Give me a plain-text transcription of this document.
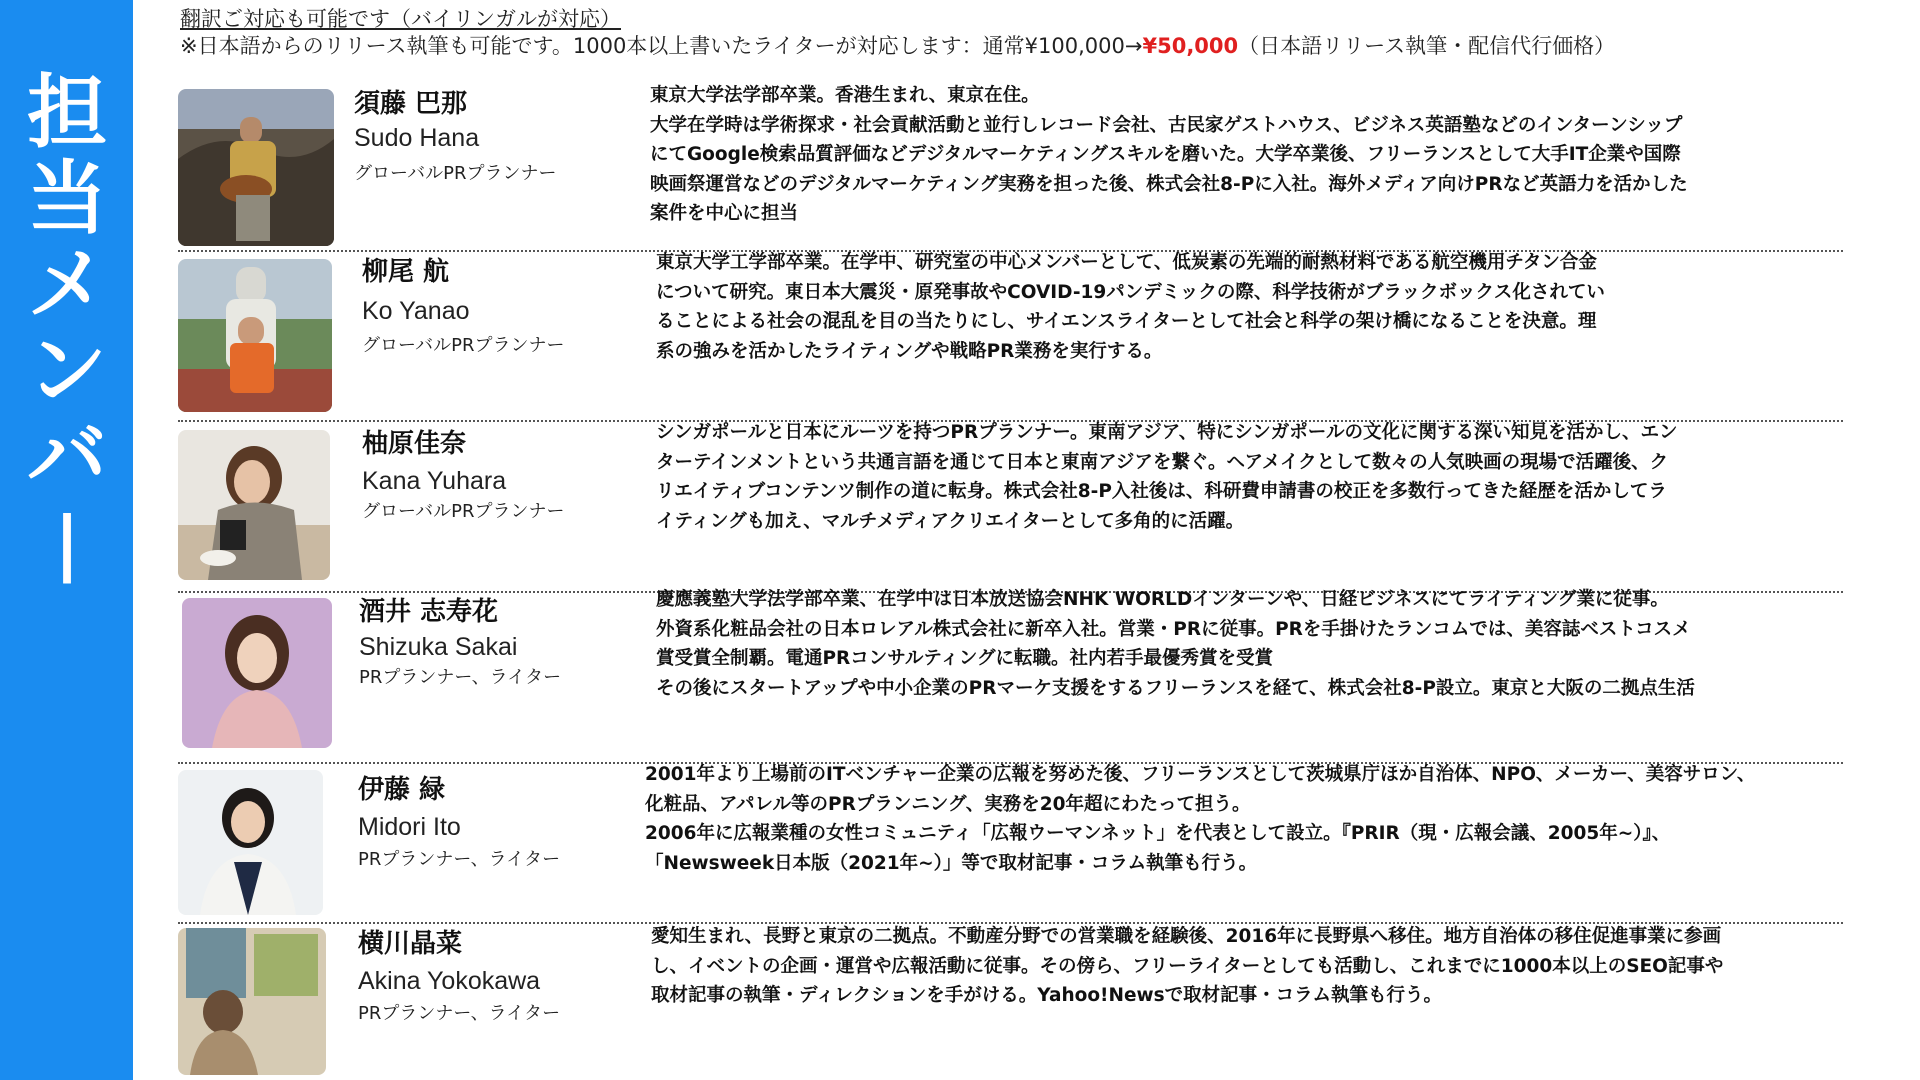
担
当
メ
ン
バ
|
翻訳ご対応も可能です（バイリンガルが対応）
※日本語からのリリース執筆も可能です。1000本以上書いたライターが対応します：通常¥100,000→¥50,000（日本語リリース執筆・配信代行価格）
須藤 巴那
Sudo Hana
グローバルPRプランナー

東京大学法学部卒業。香港生まれ、東京在住。

大学在学時は学術探求・社会貢献活動と並行しレコード会社、古民家ゲストハウス、ビジネス英語塾などのインターンシップ

にてGoogle検索品質評価などデジタルマーケティングスキルを磨いた。大学卒業後、フリーランスとして大手IT企業や国際

映画祭運営などのデジタルマーケティング実務を担った後、株式会社8-Pに入社。海外メディア向けPRなど英語力を活かした

案件を中心に担当

柳尾 航
Ko Yanao
グローバルPRプランナー

東京大学工学部卒業。在学中、研究室の中心メンバーとして、低炭素の先端的耐熱材料である航空機用チタン合金

について研究。東日本大震災・原発事故やCOVID-19パンデミックの際、科学技術がブラックボックス化されてい

ることによる社会の混乱を目の当たりにし、サイエンスライターとして社会と科学の架け橋になることを決意。理

系の強みを活かしたライティングや戦略PR業務を実行する。

柚原佳奈
Kana Yuhara
グローバルPRプランナー

シンガポールと日本にルーツを持つPRプランナー。東南アジア、特にシンガポールの文化に関する深い知見を活かし、エン

ターテインメントという共通言語を通じて日本と東南アジアを繋ぐ。ヘアメイクとして数々の人気映画の現場で活躍後、ク

リエイティブコンテンツ制作の道に転身。株式会社8-P入社後は、科研費申請書の校正を多数行ってきた経歴を活かしてラ

イティングも加え、マルチメディアクリエイターとして多角的に活躍。

酒井 志寿花
Shizuka Sakai
PRプランナー、ライター

慶應義塾大学法学部卒業、在学中は日本放送協会NHK WORLDインターンや、日経ビジネスにてライティング業に従事。

外資系化粧品会社の日本ロレアル株式会社に新卒入社。営業・PRに従事。PRを手掛けたランコムでは、美容誌ベストコスメ

賞受賞全制覇。電通PRコンサルティングに転職。社内若手最優秀賞を受賞

その後にスタートアップや中小企業のPRマーケ支援をするフリーランスを経て、株式会社8-P設立。東京と大阪の二拠点生活

伊藤 緑
Midori Ito
PRプランナー、ライター

2001年より上場前のITベンチャー企業の広報を努めた後、フリーランスとして茨城県庁ほか自治体、NPO、メーカー、美容サロン、

化粧品、アパレル等のPRプランニング、実務を20年超にわたって担う。

2006年に広報業種の女性コミュニティ「広報ウーマンネット」を代表として設立。『PRIR（現・広報会議、2005年~）』、

「Newsweek日本版（2021年~）」等で取材記事・コラム執筆も行う。

横川晶菜
Akina Yokokawa
PRプランナー、ライター

愛知生まれ、長野と東京の二拠点。不動産分野での営業職を経験後、2016年に長野県へ移住。地方自治体の移住促進事業に参画

し、イベントの企画・運営や広報活動に従事。その傍ら、フリーライターとしても活動し、これまでに1000本以上のSEO記事や

取材記事の執筆・ディレクションを手がける。Yahoo!Newsで取材記事・コラム執筆も行う。
